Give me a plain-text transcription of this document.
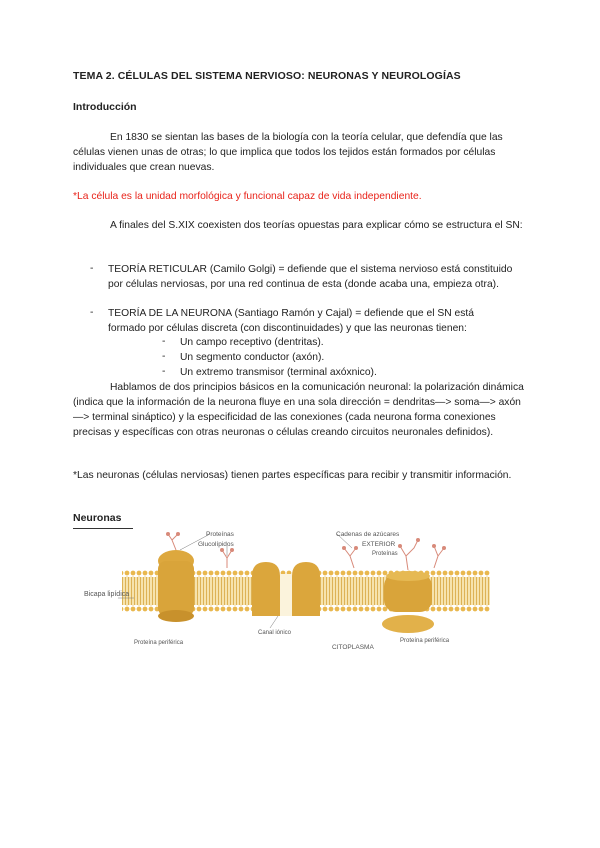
TEMA 2. CÉLULAS DEL SISTEMA NERVIOSO: NEURONAS Y NEUROLOGÍAS
Introducción
En 1830 se sientan las bases de la biología con la teoría celular, que defendía que las células vienen unas de otras; lo que implica que todos los tejidos están formados por células individuales que crean nuevas.
*La célula es la unidad morfológica y funcional capaz de vida independiente.
A finales del S.XIX coexisten dos teorías opuestas para explicar cómo se estructura el SN:
- TEORÍA RETICULAR (Camilo Golgi) = defiende que el sistema nervioso está constituido por células nerviosas, por una red continua de esta (donde acaba una, empieza otra).
- TEORÍA DE LA NEURONA (Santiago Ramón y Cajal) = defiende que el SN está formado por células discreta (con discontinuidades) y que las neuronas tienen:
- Un campo receptivo (dentritas).
- Un segmento conductor (axón).
- Un extremo transmisor (terminal axóxnico).
Hablamos de dos principios básicos en la comunicación neuronal: la polarización dinámica (indica que la información de la neurona fluye en una sola dirección = dendritas—> soma—> axón—> terminal sináptico) y la especificidad de las conexiones (cada neurona forma conexiones precisas y específicas con otras neuronas o células creando circuitos neuronales definidos).
*Las neuronas (células nerviosas) tienen partes específicas para recibir y transmitir información.
Neuronas
Proteínas
Glucolípidos
Cadenas de azúcares
EXTERIOR
Proteínas
Bicapa lipídica
Canal iónico
Proteína periférica	Proteína periférica
CITOPLASMA
